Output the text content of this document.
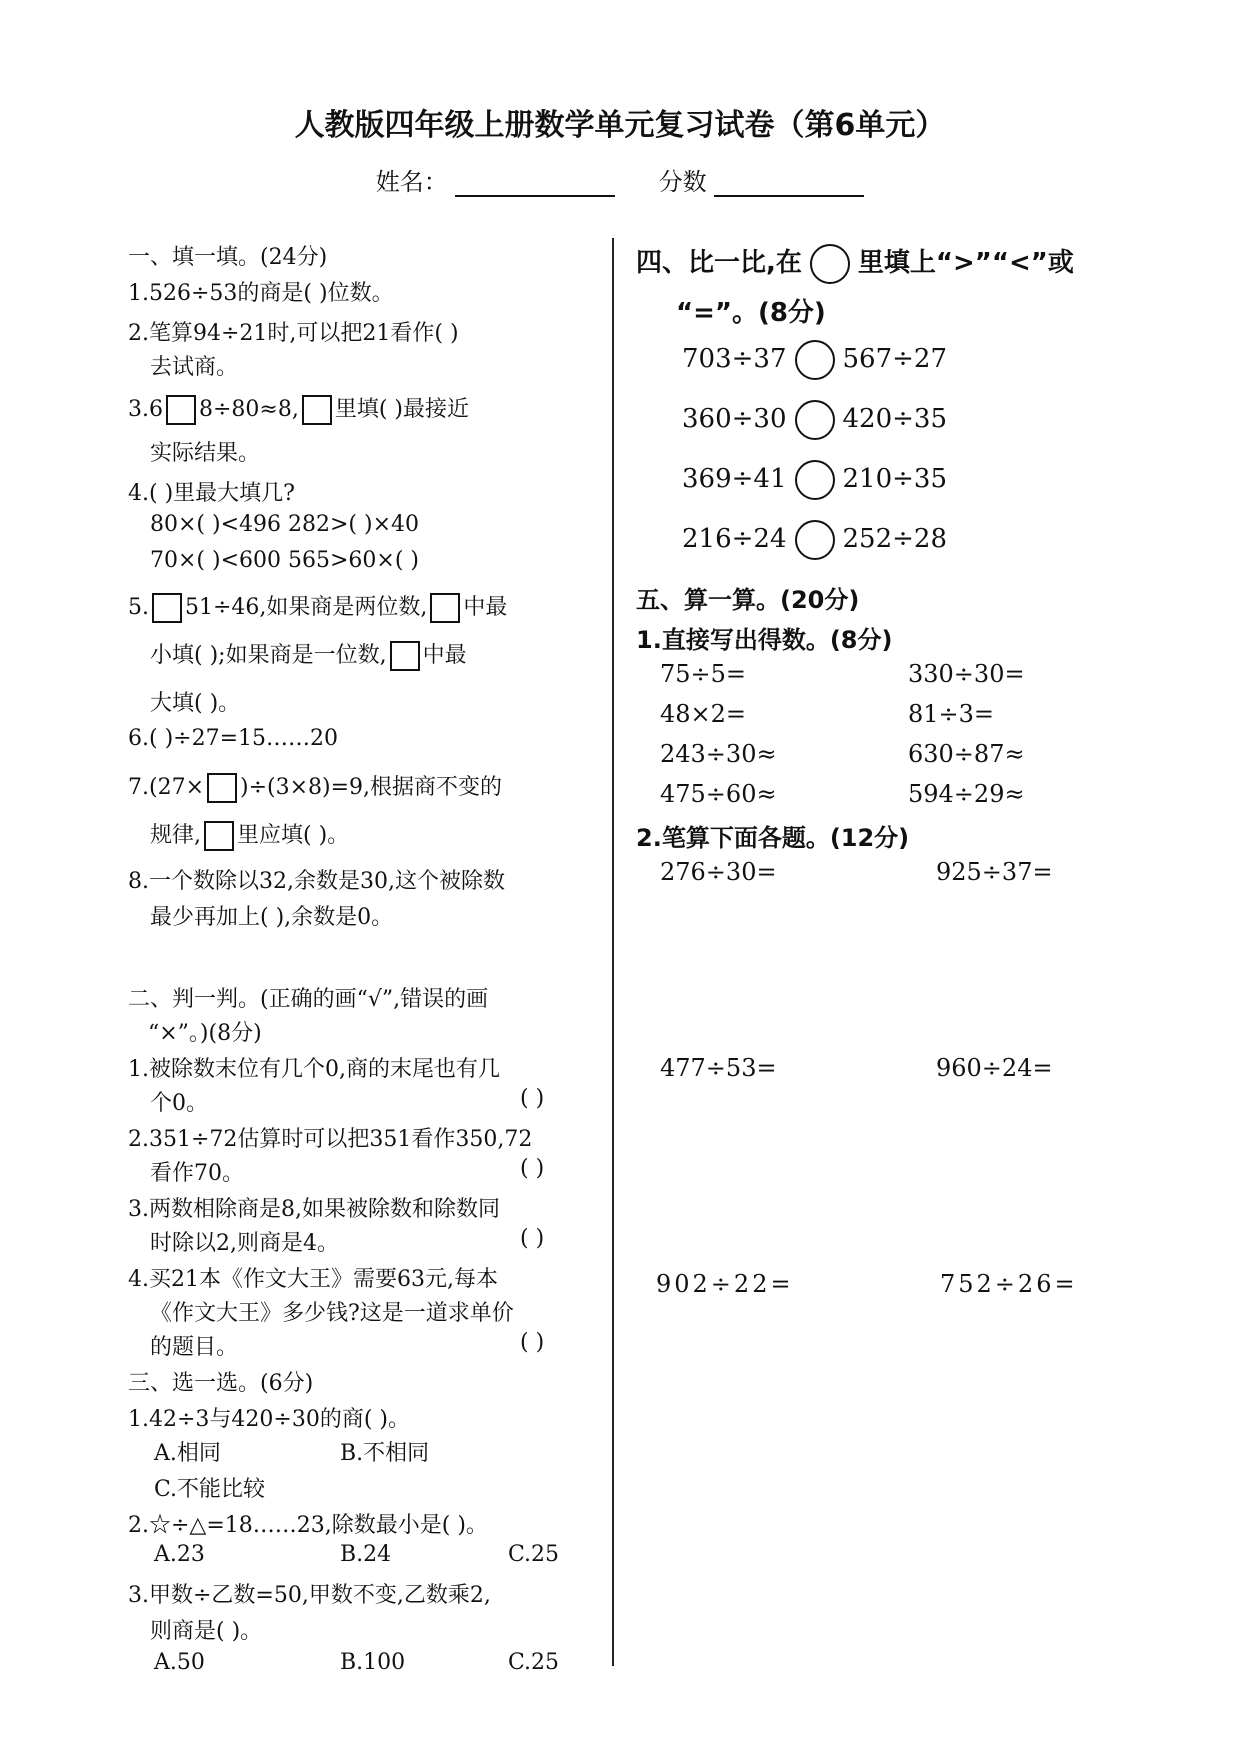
人教版四年级上册数学单元复习试卷（第6单元）
姓名：	分数
一、填一填。(24分)
1.526÷53的商是( )位数。
2.笔算94÷21时,可以把21看作( )
去试商。
3.6 8÷80≈8, 里填( )最接近
实际结果。
4.( )里最大填几?
80×( )<496 282>( )×40
70×( )<600 565>60×( )
5. 51÷46,如果商是两位数, 中最
小填( );如果商是一位数, 中最
大填( )。
6.( )÷27=15……20
7.(27× )÷(3×8)=9,根据商不变的
规律, 里应填( )。
8.一个数除以32,余数是30,这个被除数
最少再加上( ),余数是0。
二、判一判。(正确的画“√”,错误的画
“×”。)(8分)
1.被除数末位有几个0,商的末尾也有几
个0。	( )
2.351÷72估算时可以把351看作350,72
看作70。	( )
3.两数相除商是8,如果被除数和除数同
时除以2,则商是4。	( )
4.买21本《作文大王》需要63元,每本
《作文大王》多少钱?这是一道求单价
的题目。	( )
三、选一选。(6分)
1.42÷3与420÷30的商( )。
A.相同	B.不相同
C.不能比较
2.☆÷△=18……23,除数最小是( )。
A.23	B.24	C.25
3.甲数÷乙数=50,甲数不变,乙数乘2,
则商是( )。
A.50	B.100	C.25
四、比一比,在 里填上“>”“<”或
“=”。(8分)
703÷37 567÷27
360÷30 420÷35
369÷41 210÷35
216÷24 252÷28
五、算一算。(20分)
1.直接写出得数。(8分)
75÷5=	330÷30=
48×2=	81÷3=
243÷30≈	630÷87≈
475÷60≈	594÷29≈
2.笔算下面各题。(12分)
276÷30=	925÷37=
477÷53=	960÷24=
902÷22=	752÷26=
